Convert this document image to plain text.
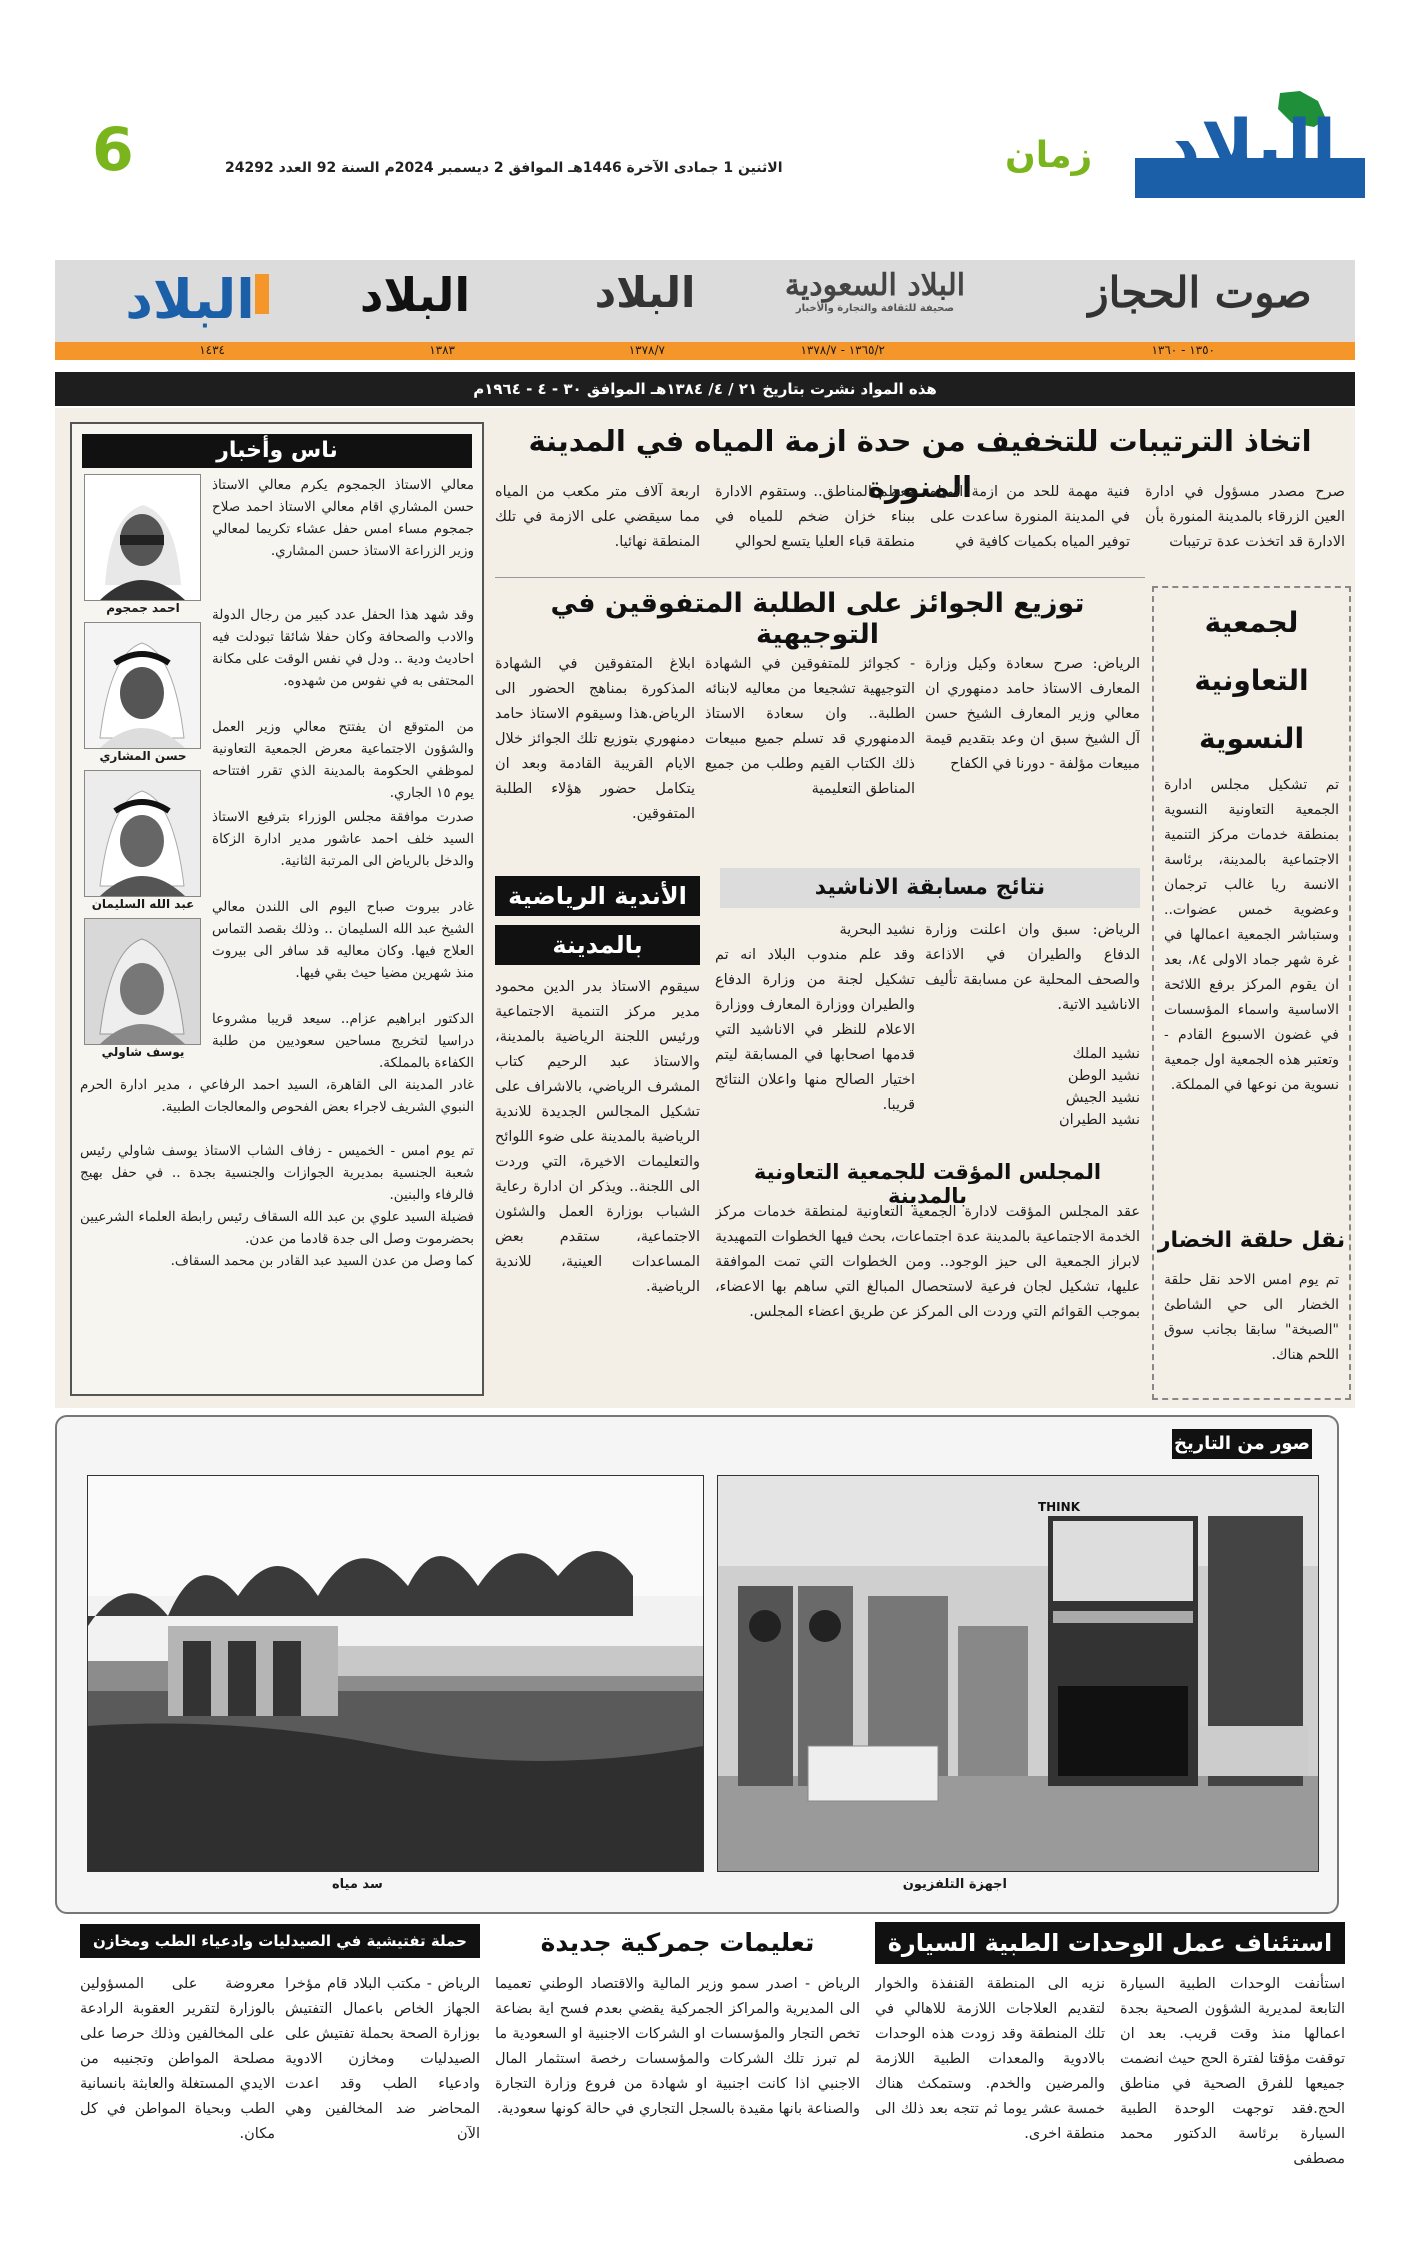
البلاد
زمان
الاثنين 1 جمادى الآخرة 1446هـ الموافق 2 ديسمبر 2024م السنة 92 العدد 24292
6
صوت الحجاز
البلاد السعودية
صحيفة للثقافة والتجارة والأخبار
البلاد
البلاد
البلاد
١٣٥٠ - ١٣٦٠
١٣٦٥/٢ - ١٣٧٨/٧
١٣٧٨/٧
١٣٨٣
١٤٣٤
هذه المواد نشرت بتاريخ ٢١ / ٤/ ١٣٨٤هـ الموافق ٣٠ - ٤ - ١٩٦٤م
اتخاذ الترتيبات للتخفيف من حدة ازمة المياه في المدينة المنورة	صرح مصدر مسؤول في ادارة العين الزرقاء بالمدينة المنورة بأن الادارة قد اتخذت عدة ترتيبات
فنية مهمة للحد من ازمة المياه في المدينة المنورة ساعدت على توفير المياه بكميات كافية في
معظم المناطق.. وستقوم الادارة ببناء خزان ضخم للمياه في منطقة قباء العليا يتسع لحوالي
اربعة آلاف متر مكعب من المياه مما سيقضي على الازمة في تلك المنطقة نهائيا.
ناس وأخبار
احمد جمجوم
حسن المشاري
عبد الله السليمان
يوسف شاولي
معالي الاستاذ الجمجوم يكرم معالي الاستاذ حسن المشاري اقام معالي الاستاذ احمد صلاح جمجوم مساء امس حفل عشاء تكريما لمعالي وزير الزراعة الاستاذ حسن المشاري.
وقد شهد هذا الحفل عدد كبير من رجال الدولة والادب والصحافة وكان حفلا شائقا تبودلت فيه احاديث ودية .. ودل في نفس الوقت على مكانة المحتفى به في نفوس من شهدوه.
من المتوقع ان يفتتح معالي وزير العمل والشؤون الاجتماعية معرض الجمعية التعاونية لموظفي الحكومة بالمدينة الذي تقرر افتتاحه يوم ١٥ الجاري.
صدرت موافقة مجلس الوزراء بترفيع الاستاذ السيد خلف احمد عاشور مدير ادارة الزكاة والدخل بالرياض الى المرتبة الثانية.
غادر بيروت صباح اليوم الى اللندن معالي الشيخ عبد الله السليمان .. وذلك بقصد التماس العلاج فيها. وكان معاليه قد سافر الى بيروت منذ شهرين مضيا حيث بقي فيها.
الدكتور ابراهيم عزام.. سيعد قريبا مشروعا دراسيا لتخريج مساحين سعوديين من طلبة الكفاءة بالمملكة.
غادر المدينة الى القاهرة، السيد احمد الرفاعي ، مدير ادارة الحرم النبوي الشريف لاجراء بعض الفحوص والمعالجات الطبية.
تم يوم امس - الخميس - زفاف الشاب الاستاذ يوسف شاولي رئيس شعبة الجنسية بمديرية الجوازات والجنسية بجدة .. في حفل بهيج فالرفاء والبنين.
فضيلة السيد علوي بن عبد الله السقاف رئيس رابطة العلماء الشرعيين بحضرموت وصل الى جدة قادما من عدن.
كما وصل من عدن السيد عبد القادر بن محمد السقاف.
لجمعية
التعاونية
النسوية
تم تشكيل مجلس ادارة الجمعية التعاونية النسوية بمنطقة خدمات مركز التنمية الاجتماعية بالمدينة، برئاسة الانسة ريا غالب ترجمان وعضوية خمس عضوات.. وستباشر الجمعية اعمالها في غرة شهر جماد الاولى ٨٤، بعد ان يقوم المركز برفع اللائحة الاساسية واسماء المؤسسات في غضون الاسبوع القادم - وتعتبر هذه الجمعية اول جمعية نسوية من نوعها في المملكة.
نقل حلقة الخضار
تم يوم امس الاحد نقل حلقة الخضار الى حي الشاطئ "الصبخة" سابقا بجانب سوق اللحم هناك.
توزيع الجوائز على الطلبة المتفوقين في التوجيهية
الرياض: صرح سعادة وكيل وزارة المعارف الاستاذ حامد دمنهوري ان معالي وزير المعارف الشيخ حسن آل الشيخ سبق ان وعد بتقديم قيمة مبيعات مؤلفة - دورنا في الكفاح
- كجوائز للمتفوقين في الشهادة التوجيهية تشجيعا من معاليه لابنائه الطلبة.. وان سعادة الاستاذ الدمنهوري قد تسلم جميع مبيعات ذلك الكتاب القيم وطلب من جميع المناطق التعليمية
ابلاغ المتفوقين في الشهادة المذكورة بمناهج الحضور الى الرياض.هذا وسيقوم الاستاذ حامد دمنهوري بتوزيع تلك الجوائز خلال الايام القريبة القادمة وبعد ان يتكامل حضور هؤلاء الطلبة المتفوقين.
نتائج مسابقة الاناشيد
الرياض: سبق وان اعلنت وزارة الدفاع والطيران في الاذاعة والصحف المحلية عن مسابقة تأليف الاناشيد الاتية.
نشيد الملك
نشيد الوطن
نشيد الجيش
نشيد الطيران
نشيد البحرية
وقد علم مندوب البلاد انه تم تشكيل لجنة من وزارة الدفاع والطيران ووزارة المعارف ووزارة الاعلام للنظر في الاناشيد التي قدمها اصحابها في المسابقة ليتم اختيار الصالح منها واعلان النتائج قريبا.
الأندية الرياضية
بالمدينة
سيقوم الاستاذ بدر الدين محمود مدير مركز التنمية الاجتماعية ورئيس اللجنة الرياضية بالمدينة، والاستاذ عبد الرحيم كتاب المشرف الرياضي، بالاشراف على تشكيل المجالس الجديدة للاندية الرياضية بالمدينة على ضوء اللوائح والتعليمات الاخيرة، التي وردت الى اللجنة.. ويذكر ان ادارة رعاية الشباب بوزارة العمل والشئون الاجتماعية، ستقدم بعض المساعدات العينية، للاندية الرياضية.
المجلس المؤقت للجمعية التعاونية بالمدينة
عقد المجلس المؤقت لادارة الجمعية التعاونية لمنطقة خدمات مركز الخدمة الاجتماعية بالمدينة عدة اجتماعات، بحث فيها الخطوات التمهيدية لابراز الجمعية الى حيز الوجود.. ومن الخطوات التي تمت الموافقة عليها، تشكيل لجان فرعية لاستحصال المبالغ التي ساهم بها الاعضاء، بموجب القوائم التي وردت الى المركز عن طريق اعضاء المجلس.
صور من التاريخ
THINK
اجهزة التلفزيون
سد مياه
استئناف عمل الوحدات الطبية السيارة
استأنفت الوحدات الطبية السيارة التابعة لمديرية الشؤون الصحية بجدة اعمالها منذ وقت قريب. بعد ان توقفت مؤقتا لفترة الحج حيث انضمت جميعها للفرق الصحية في مناطق الحج.فقد توجهت الوحدة الطبية السيارة برئاسة الدكتور محمد مصطفى
نزيه الى المنطقة القنفذة والخوار لتقديم العلاجات اللازمة للاهالي في تلك المنطقة وقد زودت هذه الوحدات بالادوية والمعدات الطبية اللازمة والمرضين والخدم. وستمكث هناك خمسة عشر يوما ثم تتجه بعد ذلك الى منطقة اخرى.
تعليمات جمركية جديدة
الرياض - اصدر سمو وزير المالية والاقتصاد الوطني تعميما الى المديرية والمراكز الجمركية يقضي بعدم فسح اية بضاعة تخص التجار والمؤسسات او الشركات الاجنبية او السعودية ما لم تبرز تلك الشركات والمؤسسات رخصة استثمار المال الاجنبي اذا كانت اجنبية او شهادة من فروع وزارة التجارة والصناعة بانها مقيدة بالسجل التجاري في حالة كونها سعودية.
حملة تفتيشية في الصيدليات وادعياء الطب ومخازن الادوية
الرياض - مكتب البلاد قام مؤخرا الجهاز الخاص باعمال التفتيش بوزارة الصحة بحملة تفتيش على الصيدليات ومخازن الادوية وادعياء الطب وقد اعدت المحاضر ضد المخالفين وهي الآن
معروضة على المسؤولين بالوزارة لتقرير العقوبة الرادعة على المخالفين وذلك حرصا على مصلحة المواطن وتجنيبه من الايدي المستغلة والعابثة بانسانية الطب وبحياة المواطن في كل مكان.
